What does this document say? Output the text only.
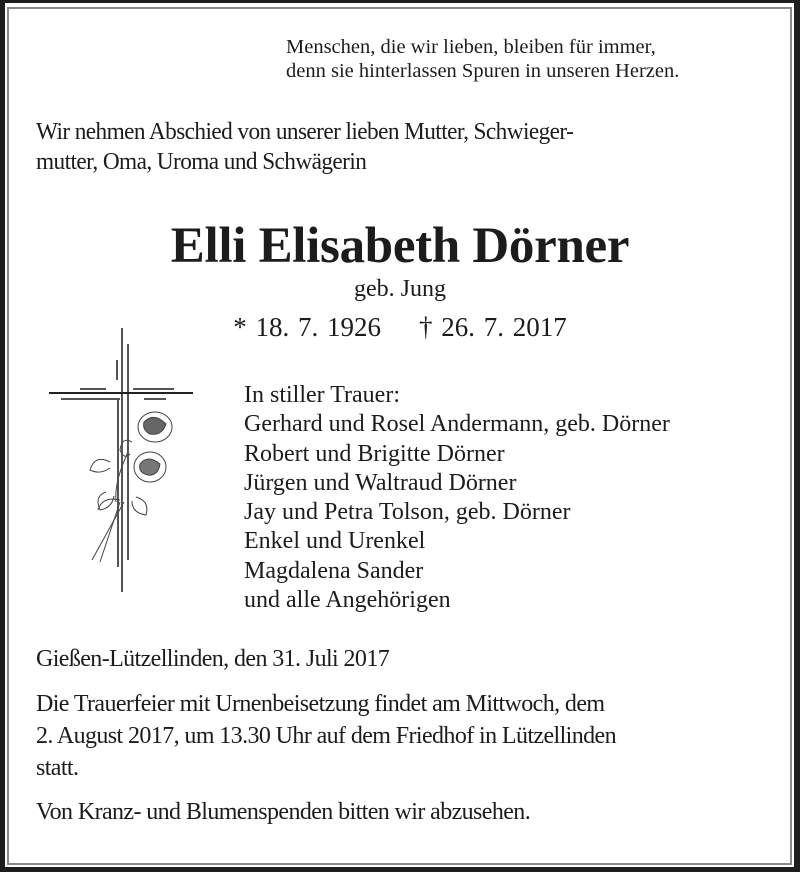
Menschen, die wir lieben, bleiben für immer,
denn sie hinterlassen Spuren in unseren Herzen.
Wir nehmen Abschied von unserer lieben Mutter, Schwieger-
mutter, Oma, Uroma und Schwägerin
Elli Elisabeth Dörner
geb. Jung
* 18. 7. 1926 † 26. 7. 2017
In stiller Trauer:
Gerhard und Rosel Andermann, geb. Dörner
Robert und Brigitte Dörner
Jürgen und Waltraud Dörner
Jay und Petra Tolson, geb. Dörner
Enkel und Urenkel
Magdalena Sander
und alle Angehörigen
Gießen-Lützellinden, den 31. Juli 2017
Die Trauerfeier mit Urnenbeisetzung findet am Mittwoch, dem
2. August 2017, um 13.30 Uhr auf dem Friedhof in Lützellinden
statt.
Von Kranz- und Blumenspenden bitten wir abzusehen.
